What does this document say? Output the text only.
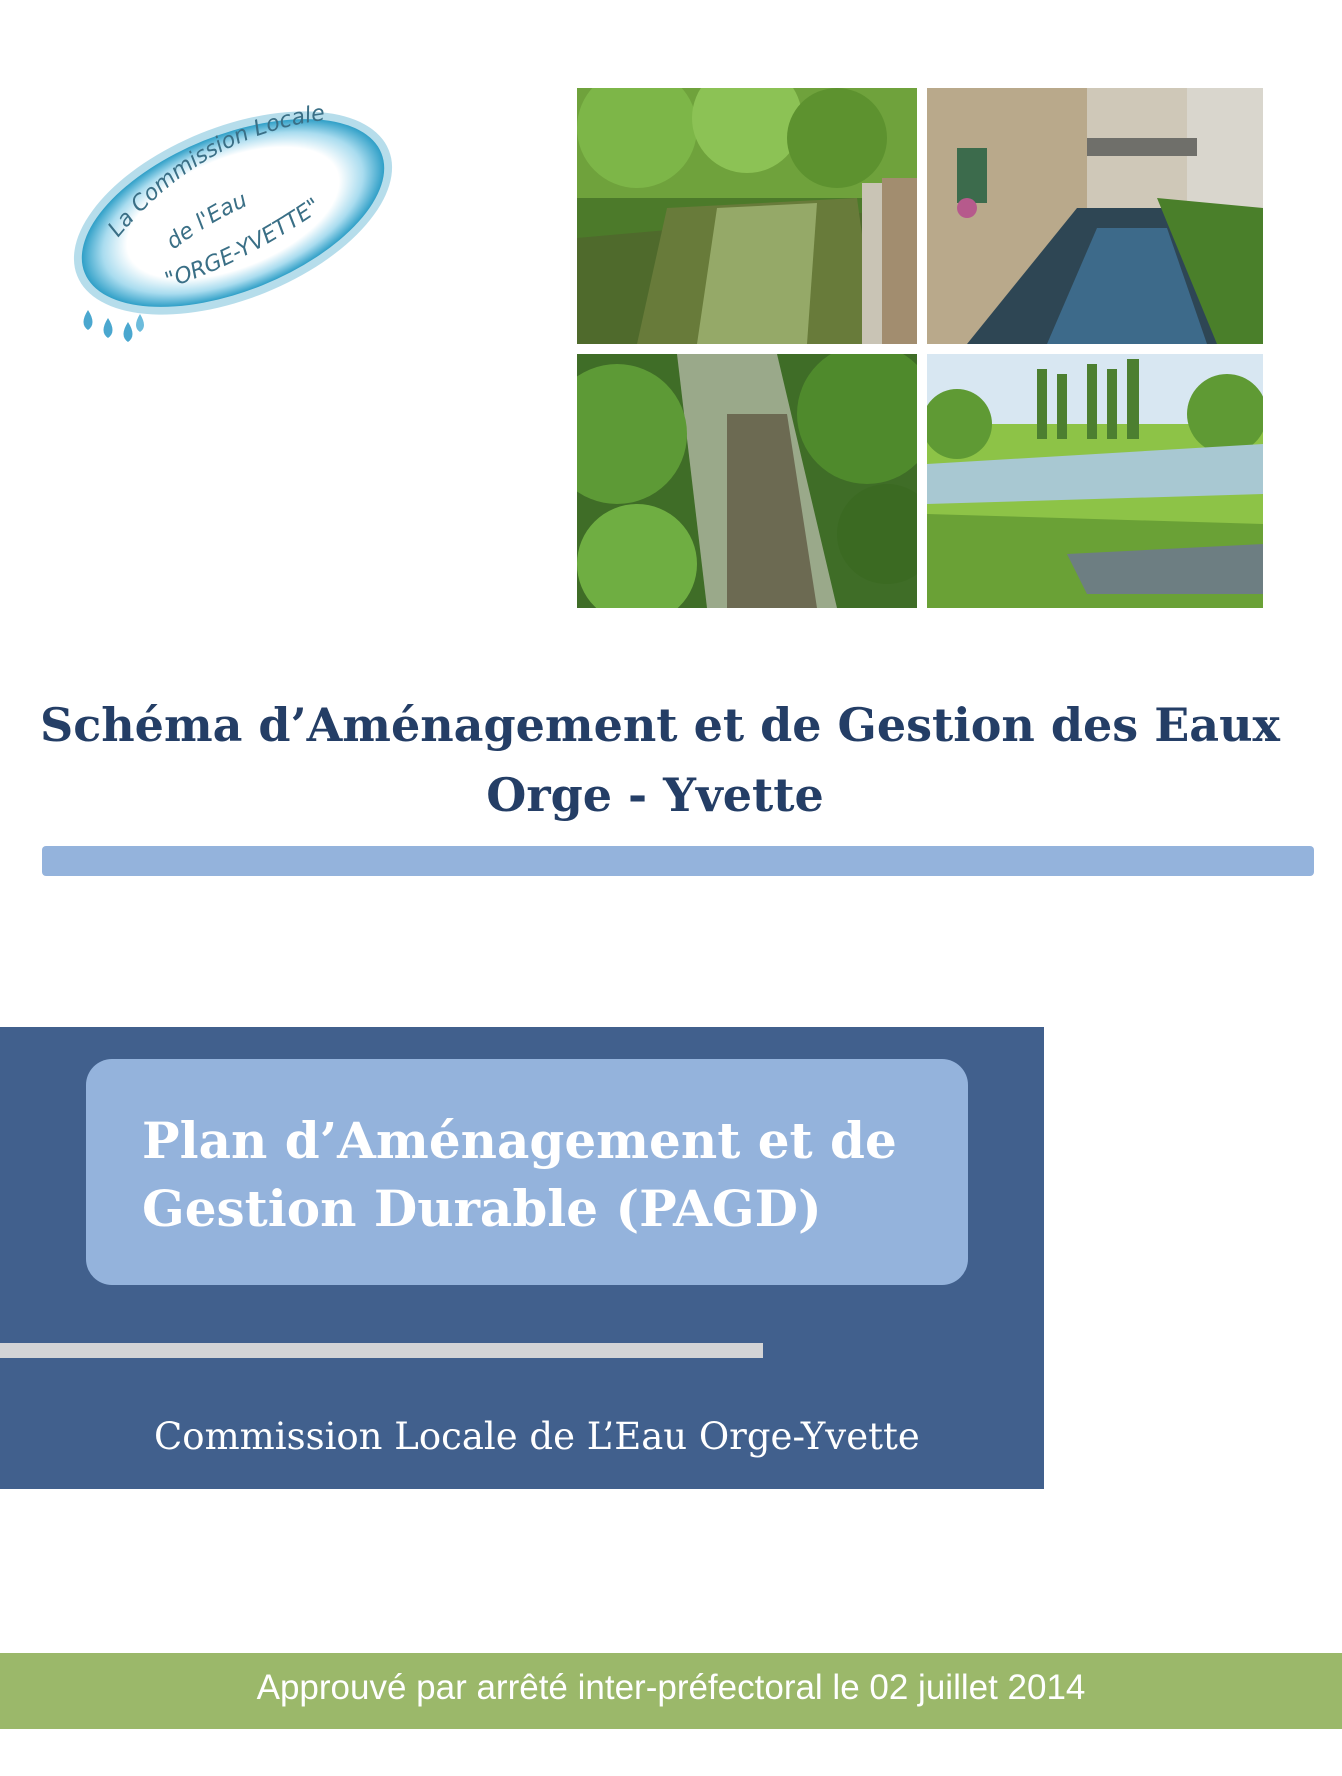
La Commission Locale
de l'Eau
"ORGE-YVETTE"
Schéma d’Aménagement et de Gestion des Eaux
Orge - Yvette
Plan d’Aménagement et de
Gestion Durable (PAGD)
Commission Locale de L’Eau Orge-Yvette
Approuvé par arrêté inter-préfectoral le 02 juillet 2014
